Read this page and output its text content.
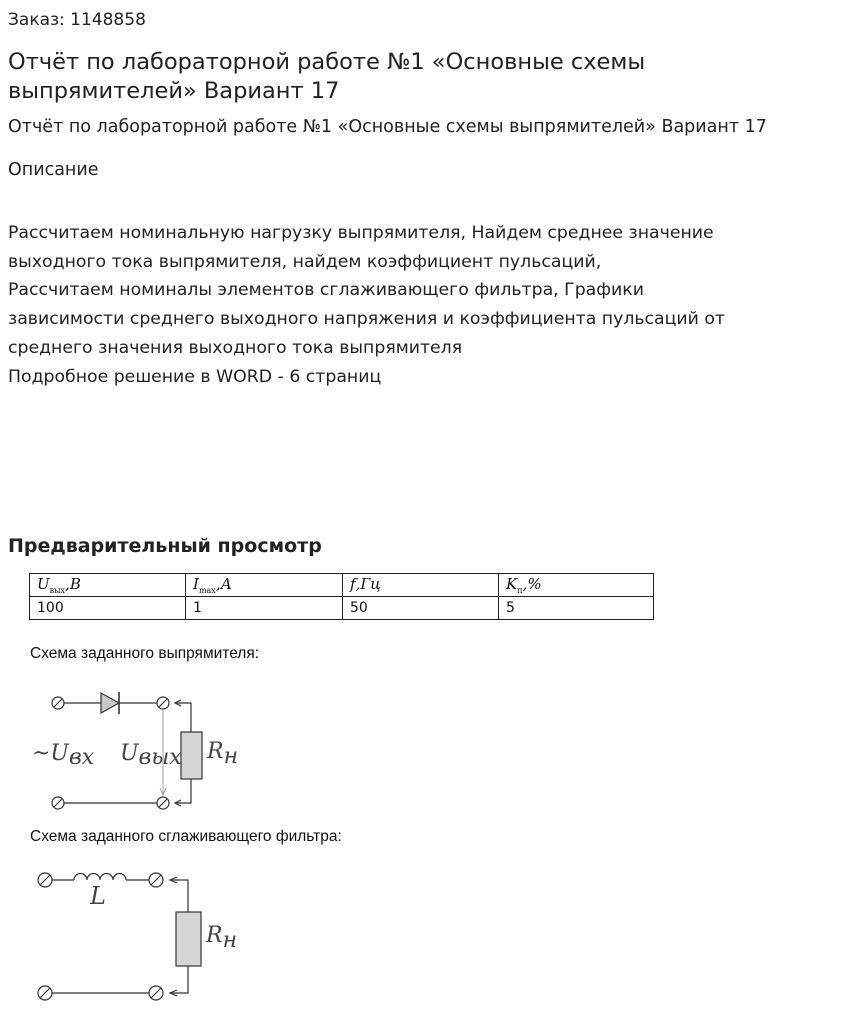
Заказ: 1148858
Отчёт по лабораторной работе №1 «Основные схемы выпрямителей» Вариант 17
Отчёт по лабораторной работе №1 «Основные схемы выпрямителей» Вариант 17
Описание
Рассчитаем номинальную нагрузку выпрямителя, Найдем среднее значение
выходного тока выпрямителя, найдем коэффициент пульсаций,
Рассчитаем номиналы элементов сглаживающего фильтра, Графики
зависимости среднего выходного напряжения и коэффициента пульсаций от
среднего значения выходного тока выпрямителя
Подробное решение в WORD - 6 страниц
Предварительный просмотр
$U_{вых},В$	$I_{max},А$	f,Гц	$K_п,\%$
100	1	50	5
Схема заданного выпрямителя:
~Uвх Uвых Rн
Схема заданного сглаживающего фильтра:
L
Rн
